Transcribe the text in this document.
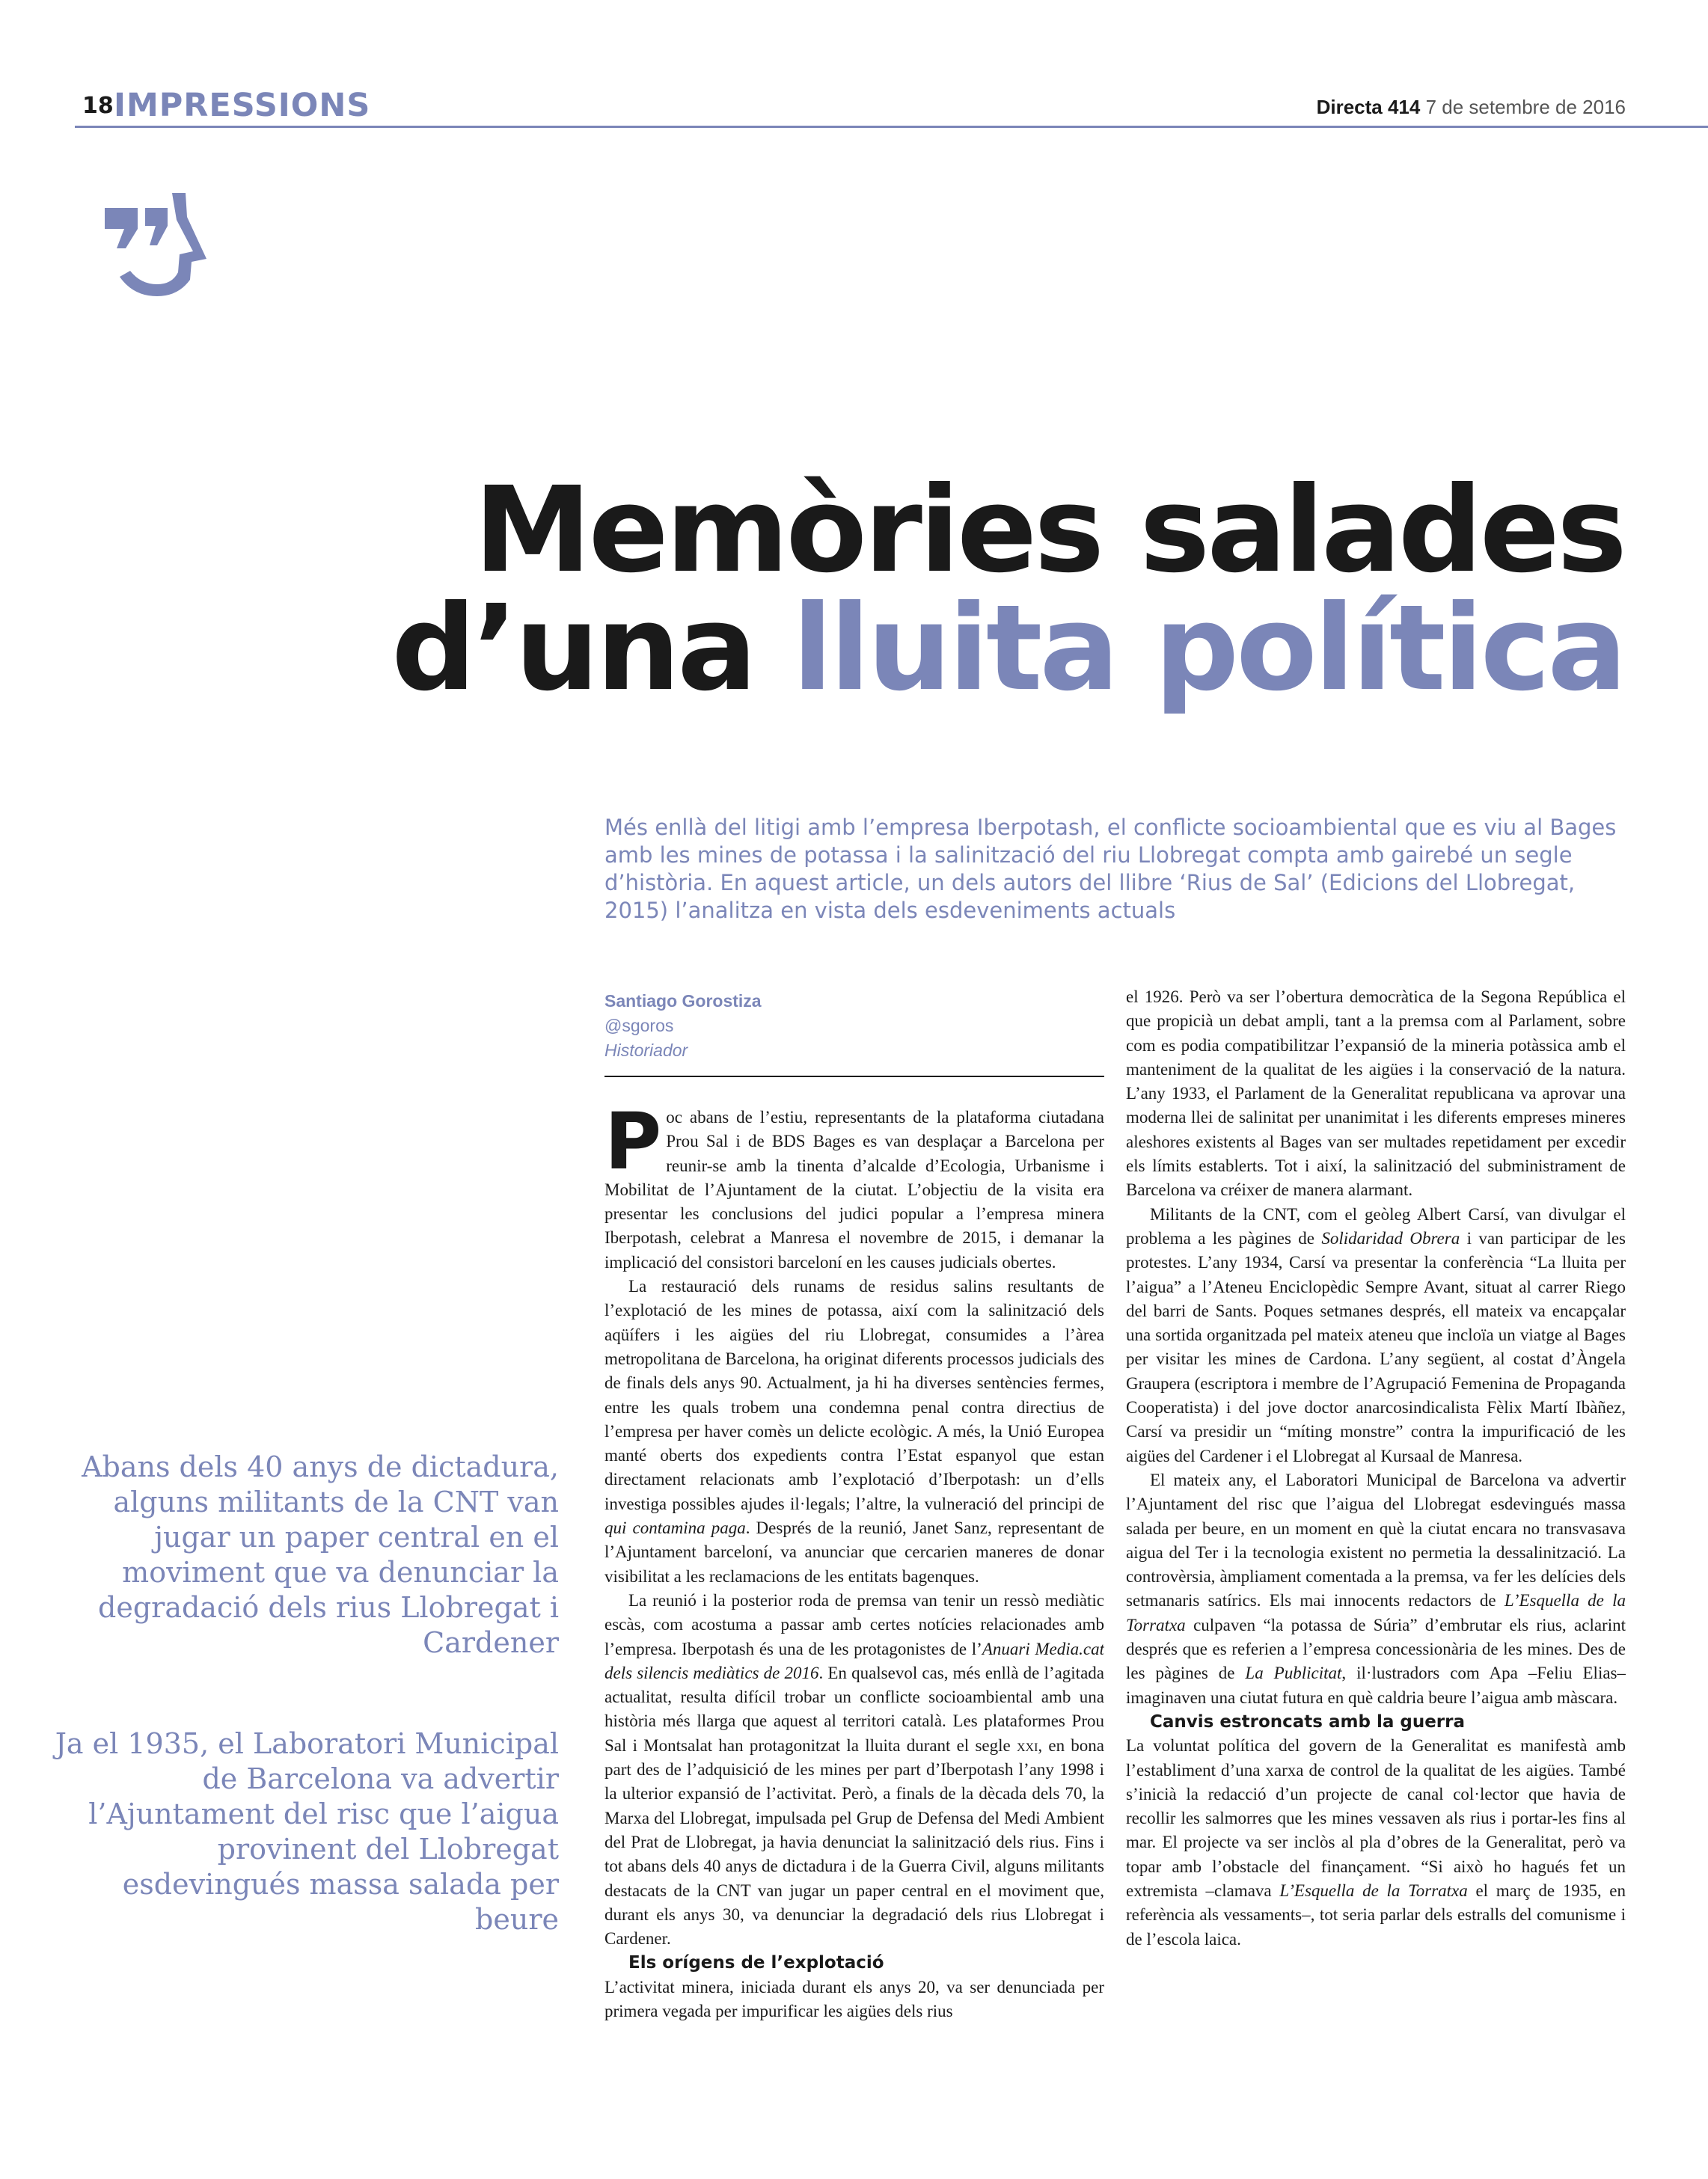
18 IMPRESSIONS	Directa 414 7 de setembre de 2016
Memòries salades
d’una lluita política
Més enllà del litigi amb l’empresa Iberpotash, el conflicte socioambiental que es viu al Bages amb les mines de potassa i la salinització del riu Llobregat compta amb gairebé un segle d’història. En aquest article, un dels autors del llibre ‘Rius de Sal’ (Edicions del Llobregat, 2015) l’analitza en vista dels esdeveniments actuals
Santiago Gorostiza
@sgoros
Historiador
Abans dels 40 anys de dictadura, alguns militants de la CNT van jugar un paper central en el moviment que va denunciar la degradació dels rius Llobregat i Cardener
Ja el 1935, el Laboratori Municipal de Barcelona va advertir l’Ajuntament del risc que l’aigua provinent del Llobregat esdevingués massa salada per beure

Poc abans de l’estiu, representants de la plataforma ciutadana Prou Sal i de BDS Bages es van desplaçar a Barcelona per reunir-se amb la tinenta d’alcalde d’Ecologia, Urbanisme i Mobilitat de l’Ajuntament de la ciutat. L’objectiu de la visita era presentar les conclusions del judici popular a l’empresa minera Iberpotash, celebrat a Manresa el novembre de 2015, i demanar la implicació del consistori barceloní en les causes judicials obertes.

La restauració dels runams de residus salins resultants de l’explotació de les mines de potassa, així com la salinització dels aqüífers i les aigües del riu Llobregat, consumides a l’àrea metropolitana de Barcelona, ha originat diferents processos judicials des de finals dels anys 90. Actualment, ja hi ha diverses sentències fermes, entre les quals trobem una condemna penal contra directius de l’empresa per haver comès un delicte ecològic. A més, la Unió Europea manté oberts dos expedients contra l’Estat espanyol que estan directament relacionats amb l’explotació d’Iberpotash: un d’ells investiga possibles ajudes il·legals; l’altre, la vulneració del principi de qui contamina paga. Després de la reunió, Janet Sanz, representant de l’Ajuntament barceloní, va anunciar que cercarien maneres de donar visibilitat a les reclamacions de les entitats bagenques.

La reunió i la posterior roda de premsa van tenir un ressò mediàtic escàs, com acostuma a passar amb certes notícies relacionades amb l’empresa. Iberpotash és una de les protagonistes de l’Anuari Media.cat dels silencis mediàtics de 2016. En qualsevol cas, més enllà de l’agitada actualitat, resulta difícil trobar un conflicte socioambiental amb una història més llarga que aquest al territori català. Les plataformes Prou Sal i Montsalat han protagonitzat la lluita durant el segle xxi, en bona part des de l’adquisició de les mines per part d’Iberpotash l’any 1998 i la ulterior expansió de l’activitat. Però, a finals de la dècada dels 70, la Marxa del Llobregat, impulsada pel Grup de Defensa del Medi Ambient del Prat de Llobregat, ja havia denunciat la salinització dels rius. Fins i tot abans dels 40 anys de dictadura i de la Guerra Civil, alguns militants destacats de la CNT van jugar un paper central en el moviment que, durant els anys 30, va denunciar la degradació dels rius Llobregat i Cardener.

Els orígens de l’explotació

L’activitat minera, iniciada durant els anys 20, va ser denunciada per primera vegada per impurificar les aigües dels rius

el 1926. Però va ser l’obertura democràtica de la Segona República el que propicià un debat ampli, tant a la premsa com al Parlament, sobre com es podia compatibilitzar l’expansió de la mineria potàssica amb el manteniment de la qualitat de les aigües i la conservació de la natura. L’any 1933, el Parlament de la Generalitat republicana va aprovar una moderna llei de salinitat per unanimitat i les diferents empreses mineres aleshores existents al Bages van ser multades repetidament per excedir els límits establerts. Tot i així, la salinització del subministrament de Barcelona va créixer de manera alarmant.

Militants de la CNT, com el geòleg Albert Carsí, van divulgar el problema a les pàgines de Solidaridad Obrera i van participar de les protestes. L’any 1934, Carsí va presentar la conferència “La lluita per l’aigua” a l’Ateneu Enciclopèdic Sempre Avant, situat al carrer Riego del barri de Sants. Poques setmanes després, ell mateix va encapçalar una sortida organitzada pel mateix ateneu que incloïa un viatge al Bages per visitar les mines de Cardona. L’any següent, al costat d’Àngela Graupera (escriptora i membre de l’Agrupació Femenina de Propaganda Cooperatista) i del jove doctor anarcosindicalista Fèlix Martí Ibàñez, Carsí va presidir un “míting monstre” contra la impurificació de les aigües del Cardener i el Llobregat al Kursaal de Manresa.

El mateix any, el Laboratori Municipal de Barcelona va advertir l’Ajuntament del risc que l’aigua del Llobregat esdevingués massa salada per beure, en un moment en què la ciutat encara no transvasava aigua del Ter i la tecnologia existent no permetia la dessalinització. La controvèrsia, àmpliament comentada a la premsa, va fer les delícies dels setmanaris satírics. Els mai innocents redactors de L’Esquella de la Torratxa culpaven “la potassa de Súria” d’embrutar els rius, aclarint després que es referien a l’empresa concessionària de les mines. Des de les pàgines de La Publicitat, il·lustradors com Apa –Feliu Elias– imaginaven una ciutat futura en què caldria beure l’aigua amb màscara.

Canvis estroncats amb la guerra

La voluntat política del govern de la Generalitat es manifestà amb l’establiment d’una xarxa de control de la qualitat de les aigües. També s’inicià la redacció d’un projecte de canal col·lector que havia de recollir les salmorres que les mines vessaven als rius i portar-les fins al mar. El projecte va ser inclòs al pla d’obres de la Generalitat, però va topar amb l’obstacle del finançament. “Si això ho hagués fet un extremista –clamava L’Esquella de la Torratxa el març de 1935, en referència als vessaments–, tot seria parlar dels estralls del comunisme i de l’escola laica.
